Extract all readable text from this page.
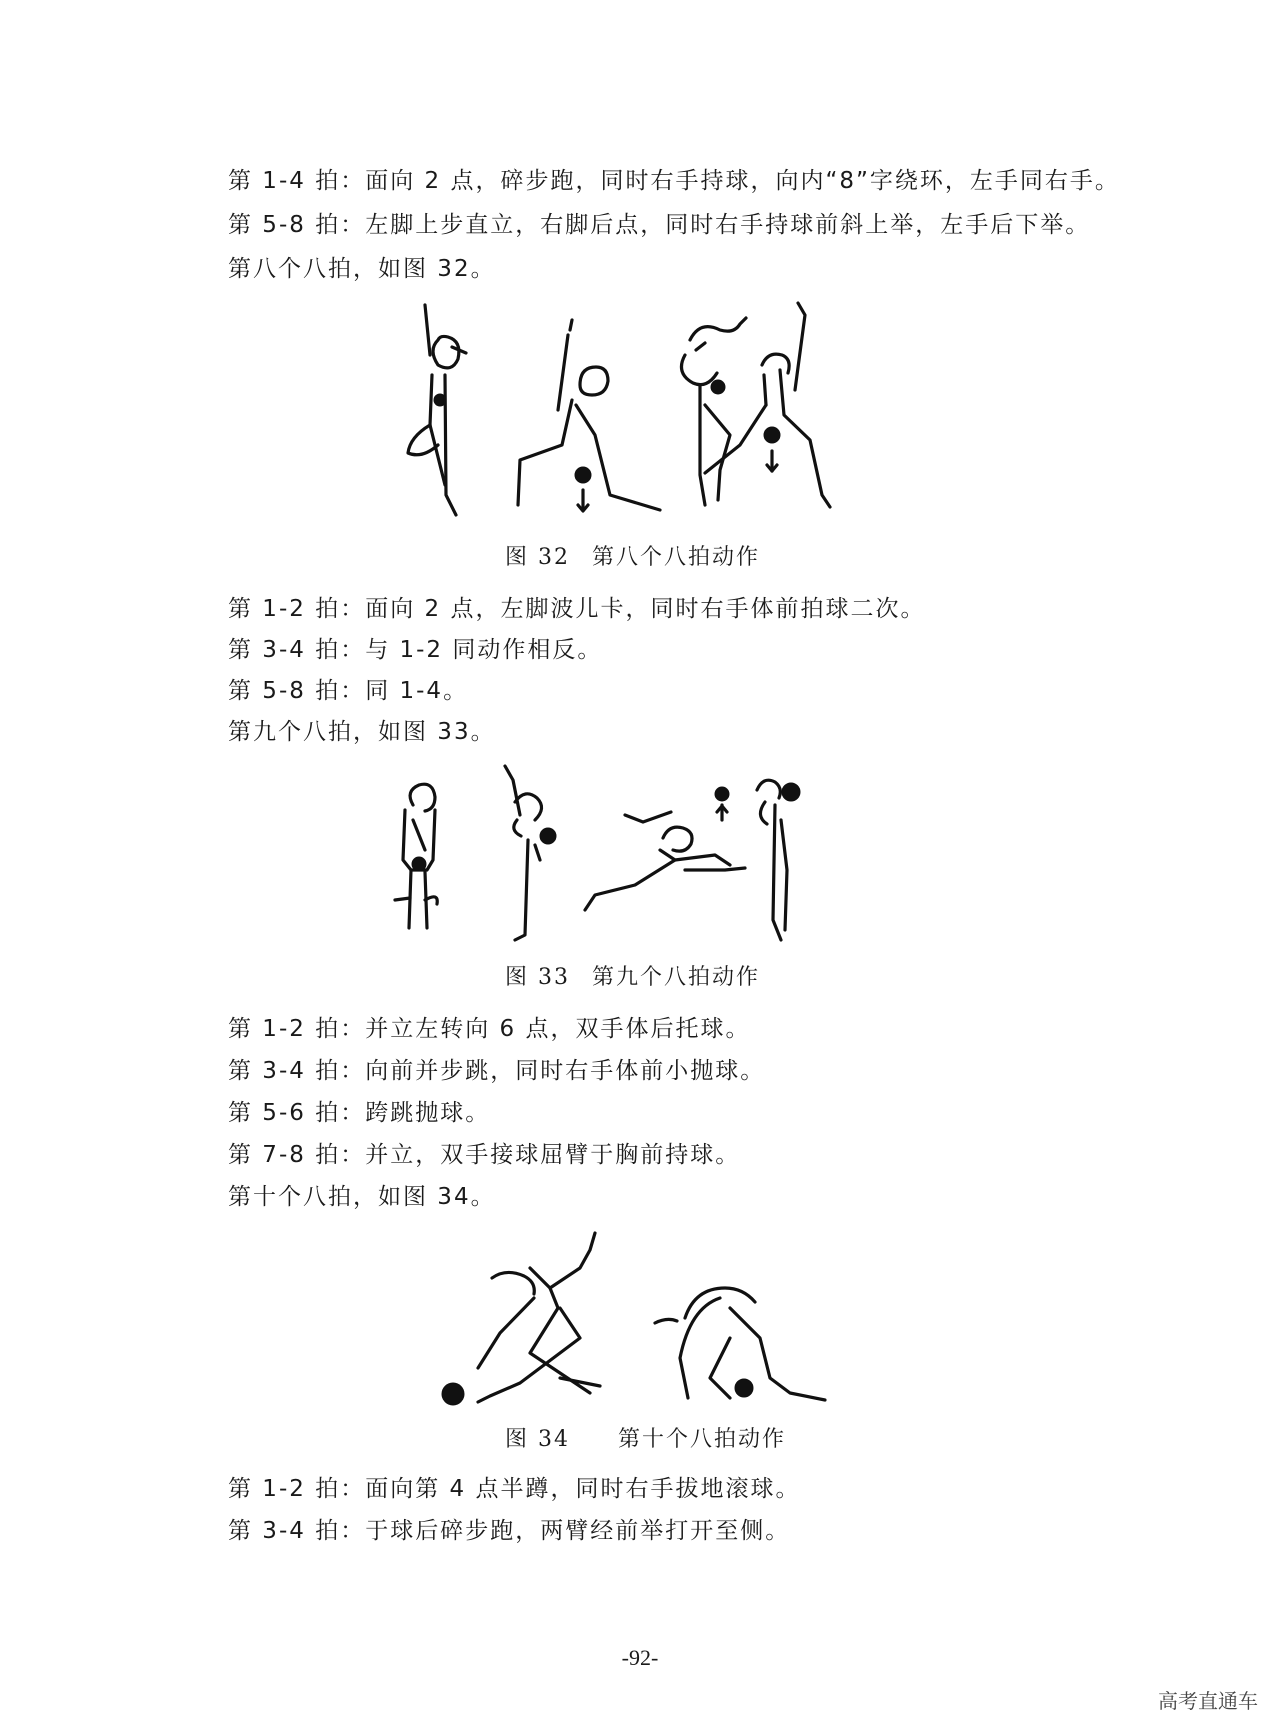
第 1-4 拍：面向 2 点，碎步跑，同时右手持球，向内“8”字绕环，左手同右手。
第 5-8 拍：左脚上步直立，右脚后点，同时右手持球前斜上举，左手后下举。
第八个八拍，如图 32。
图 32 第八个八拍动作
第 1-2 拍：面向 2 点，左脚波儿卡，同时右手体前拍球二次。
第 3-4 拍：与 1-2 同动作相反。
第 5-8 拍：同 1-4。
第九个八拍，如图 33。
图 33 第九个八拍动作
第 1-2 拍：并立左转向 6 点，双手体后托球。
第 3-4 拍：向前并步跳，同时右手体前小抛球。
第 5-6 拍：跨跳抛球。
第 7-8 拍：并立，双手接球屈臂于胸前持球。
第十个八拍，如图 34。
图 34 第十个八拍动作
第 1-2 拍：面向第 4 点半蹲，同时右手拔地滚球。
第 3-4 拍：于球后碎步跑，两臂经前举打开至侧。
-92-
高考直通车
